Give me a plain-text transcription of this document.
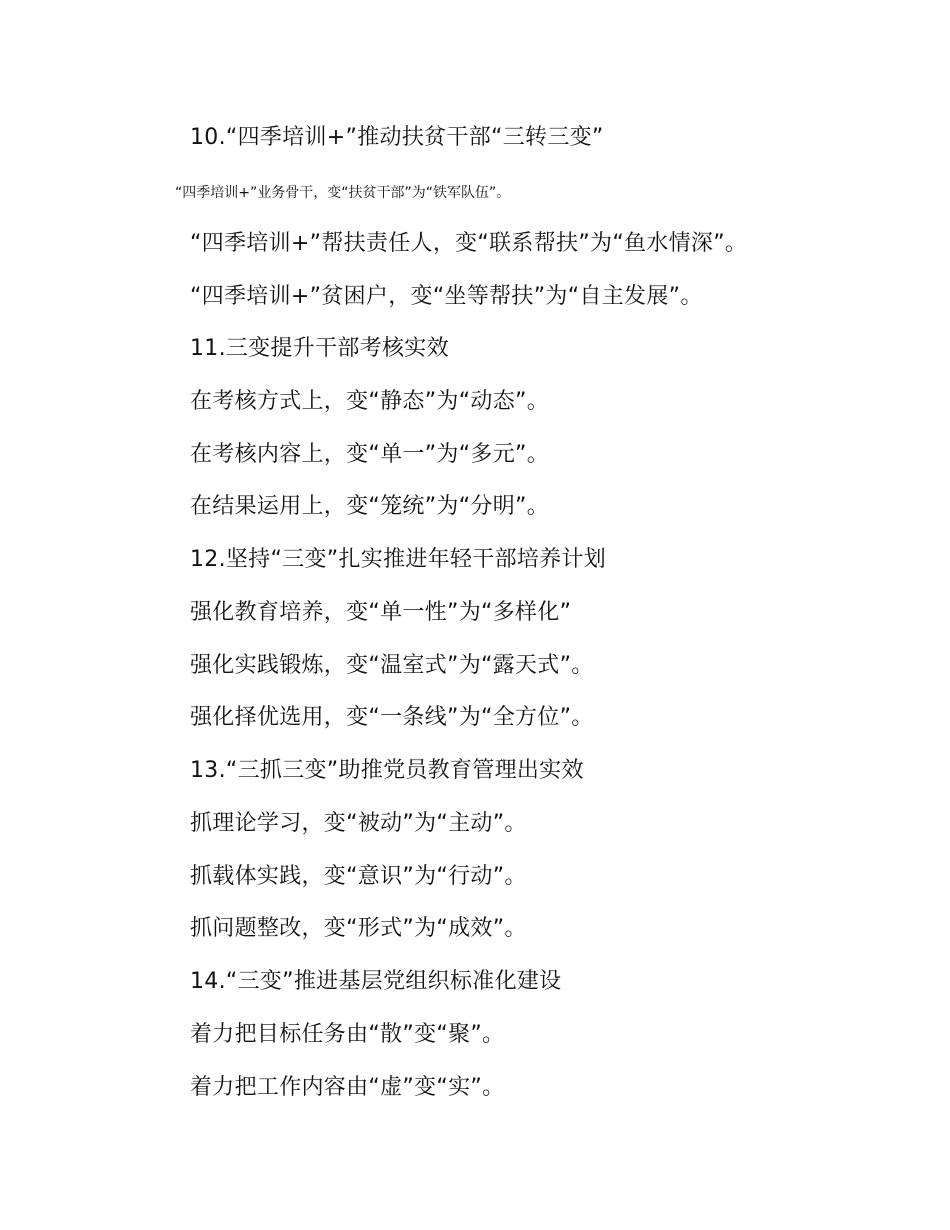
10.“四季培训+”推动扶贫干部“三转三变”
“四季培训+”业务骨干，变“扶贫干部”为“铁军队伍”。
“四季培训+”帮扶责任人，变“联系帮扶”为“鱼水情深”。
“四季培训+”贫困户，变“坐等帮扶”为“自主发展”。
11.三变提升干部考核实效
在考核方式上，变“静态”为“动态”。
在考核内容上，变“单一”为“多元”。
在结果运用上，变“笼统”为“分明”。
12.坚持“三变”扎实推进年轻干部培养计划
强化教育培养，变“单一性”为“多样化”
强化实践锻炼，变“温室式”为“露天式”。
强化择优选用，变“一条线”为“全方位”。
13.“三抓三变”助推党员教育管理出实效
抓理论学习，变“被动”为“主动”。
抓载体实践，变“意识”为“行动”。
抓问题整改，变“形式”为“成效”。
14.“三变”推进基层党组织标准化建设
着力把目标任务由“散”变“聚”。
着力把工作内容由“虚”变“实”。
